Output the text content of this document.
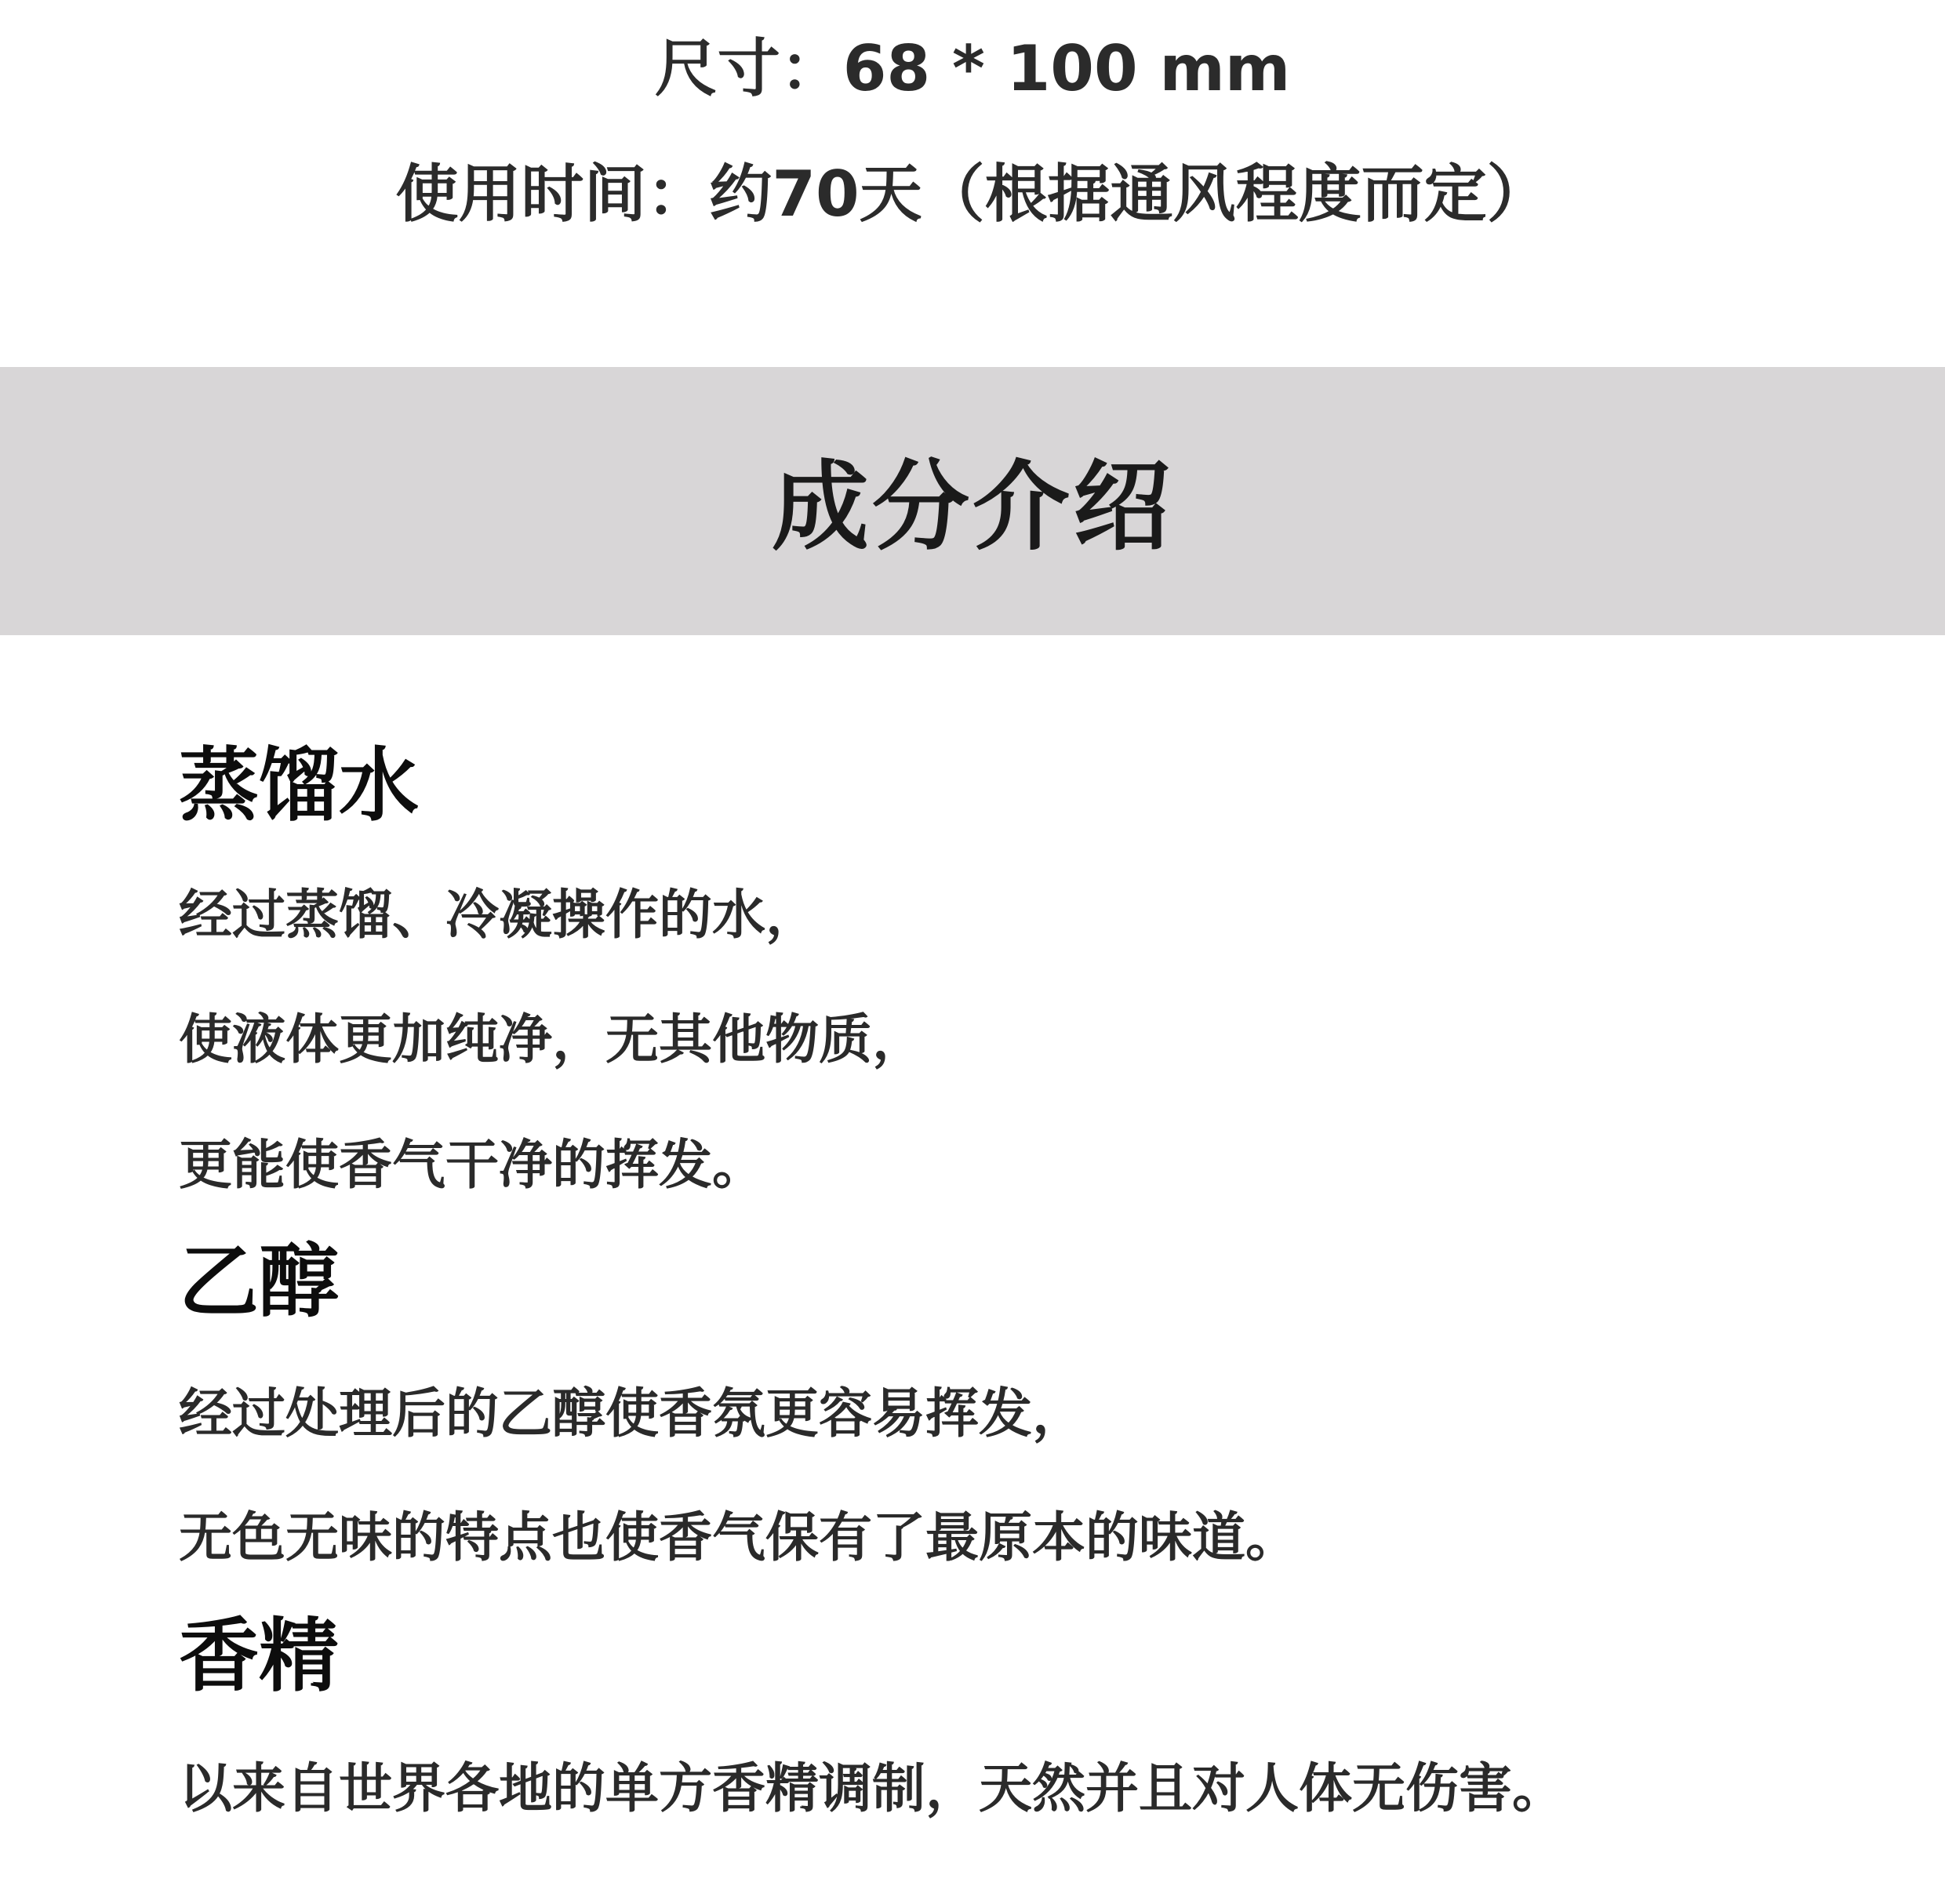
尺寸：68 * 100 mm
使用时间：约70天（根据通风程度而定）
成分介绍
蒸馏水
经过蒸馏、冷凝操作的水，
使液体更加纯净，无其他物质，
更能使香气干净的挥发。
乙醇
经过处理后的乙醇使香氛更容易挥发，
无色无味的特点也使香气保有了最原本的味道。
香精
以来自世界各地的单方香精调制，天然并且对人体无伤害。
